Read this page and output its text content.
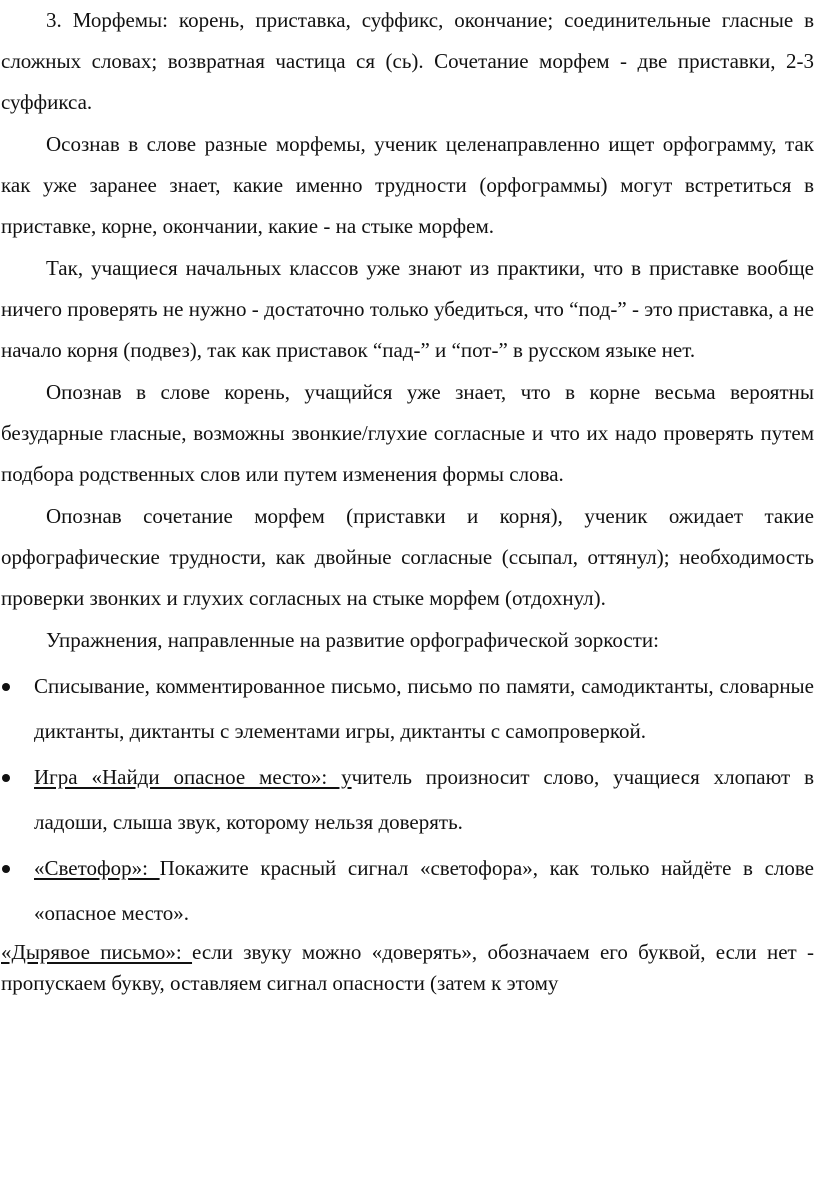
3. Морфемы: корень, приставка, суффикс, окончание; соединительные гласные в сложных словах; возвратная частица ся (сь). Сочетание морфем - две приставки, 2-3 суффикса.

Осознав в слове разные морфемы, ученик целенаправленно ищет орфограмму, так как уже заранее знает, какие именно трудности (орфограммы) могут встретиться в приставке, корне, окончании, какие - на стыке морфем.

Так, учащиеся начальных классов уже знают из практики, что в приставке вообще ничего проверять не нужно - достаточно только убедиться, что “под-” - это приставка, а не начало корня (подвез), так как приставок “пад-” и “пот-” в русском языке нет.

Опознав в слове корень, учащийся уже знает, что в корне весьма вероятны безударные гласные, возможны звонкие/глухие согласные и что их надо проверять путем подбора родственных слов или путем изменения формы слова.

Опознав сочетание морфем (приставки и корня), ученик ожидает такие орфографические трудности, как двойные согласные (ссыпал, оттянул); необходимость проверки звонких и глухих согласных на стыке морфем (отдохнул).

Упражнения, направленные на развитие орфографической зоркости:

Списывание, комментированное письмо, письмо по памяти, самодиктанты, словарные диктанты, диктанты с элементами игры, диктанты с самопроверкой.
Игра «Найди опасное место»: учитель произносит слово, учащиеся хлопают в ладоши, слыша звук, которому нельзя доверять.
«Светофор»: Покажите красный сигнал «светофора», как только найдёте в слове «опасное место».

«Дырявое письмо»: если звуку можно «доверять», обозначаем его буквой, если нет - пропускаем букву, оставляем сигнал опасности (затем к этому
